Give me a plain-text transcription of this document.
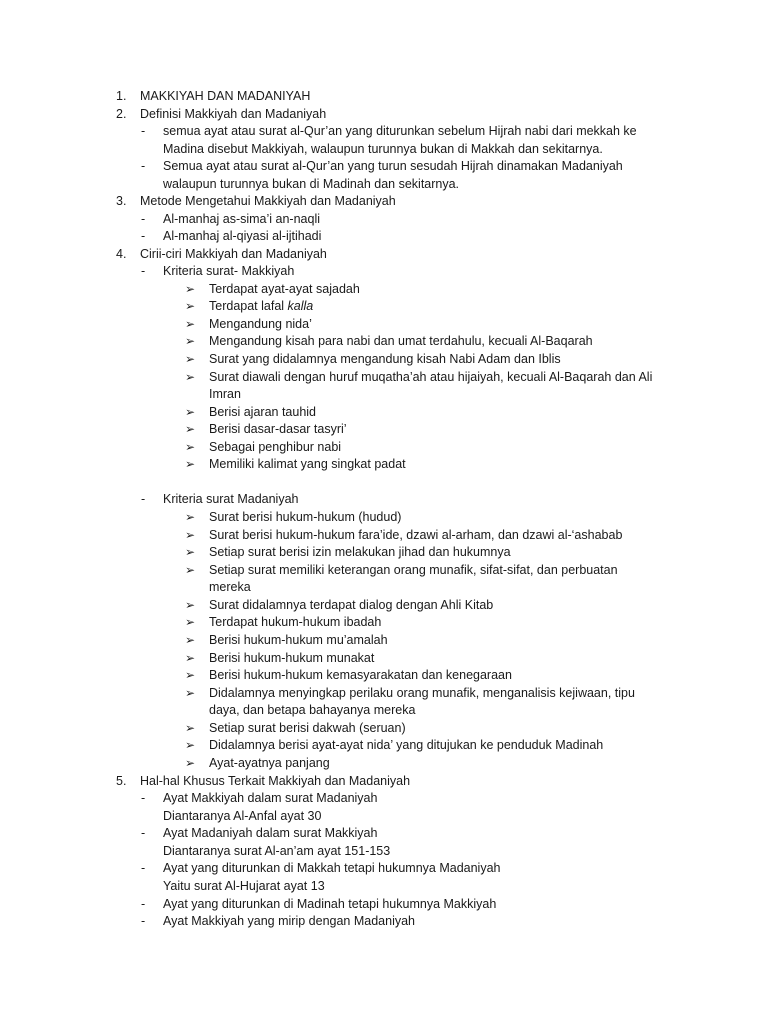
1. MAKKIYAH DAN MADANIYAH
2. Definisi Makkiyah dan Madaniyah
- semua ayat atau surat al-Qur’an yang diturunkan sebelum Hijrah nabi dari mekkah ke
Madina disebut Makkiyah, walaupun turunnya bukan di Makkah dan sekitarnya.
- Semua ayat atau surat al-Qur’an yang turun sesudah Hijrah dinamakan Madaniyah
walaupun turunnya bukan di Madinah dan sekitarnya.
3. Metode Mengetahui Makkiyah dan Madaniyah
- Al-manhaj as-sima’i an-naqli
- Al-manhaj al-qiyasi al-ijtihadi
4. Cirii-ciri Makkiyah dan Madaniyah
- Kriteria surat- Makkiyah
➢ Terdapat ayat-ayat sajadah
➢ Terdapat lafal kalla
➢ Mengandung nida’
➢ Mengandung kisah para nabi dan umat terdahulu, kecuali Al-Baqarah
➢ Surat yang didalamnya mengandung kisah Nabi Adam dan Iblis
➢ Surat diawali dengan huruf muqatha’ah atau hijaiyah, kecuali Al-Baqarah dan Ali
Imran
➢ Berisi ajaran tauhid
➢ Berisi dasar-dasar tasyri’
➢ Sebagai penghibur nabi
➢ Memiliki kalimat yang singkat padat
- Kriteria surat Madaniyah
➢ Surat berisi hukum-hukum (hudud)
➢ Surat berisi hukum-hukum fara’ide, dzawi al-arham, dan dzawi al-‘ashabab
➢ Setiap surat berisi izin melakukan jihad dan hukumnya
➢ Setiap surat memiliki keterangan orang munafik, sifat-sifat, dan perbuatan
mereka
➢ Surat didalamnya terdapat dialog dengan Ahli Kitab
➢ Terdapat hukum-hukum ibadah
➢ Berisi hukum-hukum mu’amalah
➢ Berisi hukum-hukum munakat
➢ Berisi hukum-hukum kemasyarakatan dan kenegaraan
➢ Didalamnya menyingkap perilaku orang munafik, menganalisis kejiwaan, tipu
daya, dan betapa bahayanya mereka
➢ Setiap surat berisi dakwah (seruan)
➢ Didalamnya berisi ayat-ayat nida’ yang ditujukan ke penduduk Madinah
➢ Ayat-ayatnya panjang
5. Hal-hal Khusus Terkait Makkiyah dan Madaniyah
- Ayat Makkiyah dalam surat Madaniyah
Diantaranya Al-Anfal ayat 30
- Ayat Madaniyah dalam surat Makkiyah
Diantaranya surat Al-an’am ayat 151-153
- Ayat yang diturunkan di Makkah tetapi hukumnya Madaniyah
Yaitu surat Al-Hujarat ayat 13
- Ayat yang diturunkan di Madinah tetapi hukumnya Makkiyah
- Ayat Makkiyah yang mirip dengan Madaniyah
